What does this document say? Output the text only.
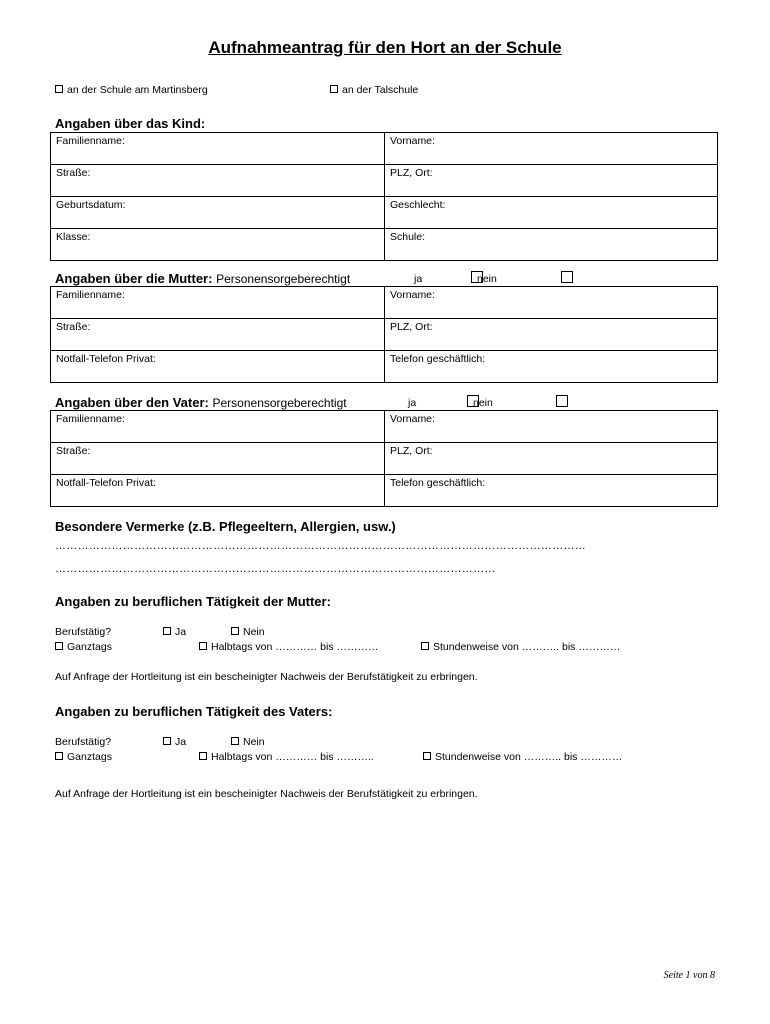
Aufnahmeantrag für den Hort an der Schule
an der Schule am Martinsberg	an der Talschule
Angaben über das Kind:
Familienname:	Vorname:
Straße:	PLZ, Ort:
Geburtsdatum:	Geschlecht:
Klasse:	Schule:
Angaben über die Mutter: Personensorgeberechtigt	ja	nein
Familienname:	Vorname:
Straße:	PLZ, Ort:
Notfall-Telefon Privat:	Telefon geschäftlich:
Angaben über den Vater: Personensorgeberechtigt	ja	nein
Familienname:	Vorname:
Straße:	PLZ, Ort:
Notfall-Telefon Privat:	Telefon geschäftlich:
Besondere Vermerke (z.B. Pflegeeltern, Allergien, usw.)
……………………………………………………………………………………………………………………………
………………………………………………………………………………………………………
Angaben zu beruflichen Tätigkeit der Mutter:
Berufstätig?	Ja	Nein
Ganztags	Halbtags von ………… bis …………	Stundenweise von ……….. bis …………
Auf Anfrage der Hortleitung ist ein bescheinigter Nachweis der Berufstätigkeit zu erbringen.
Angaben zu beruflichen Tätigkeit des Vaters:
Berufstätig?	Ja	Nein
Ganztags	Halbtags von ………… bis ………..	Stundenweise von ……….. bis …………
Auf Anfrage der Hortleitung ist ein bescheinigter Nachweis der Berufstätigkeit zu erbringen.
Seite 1 von 8
